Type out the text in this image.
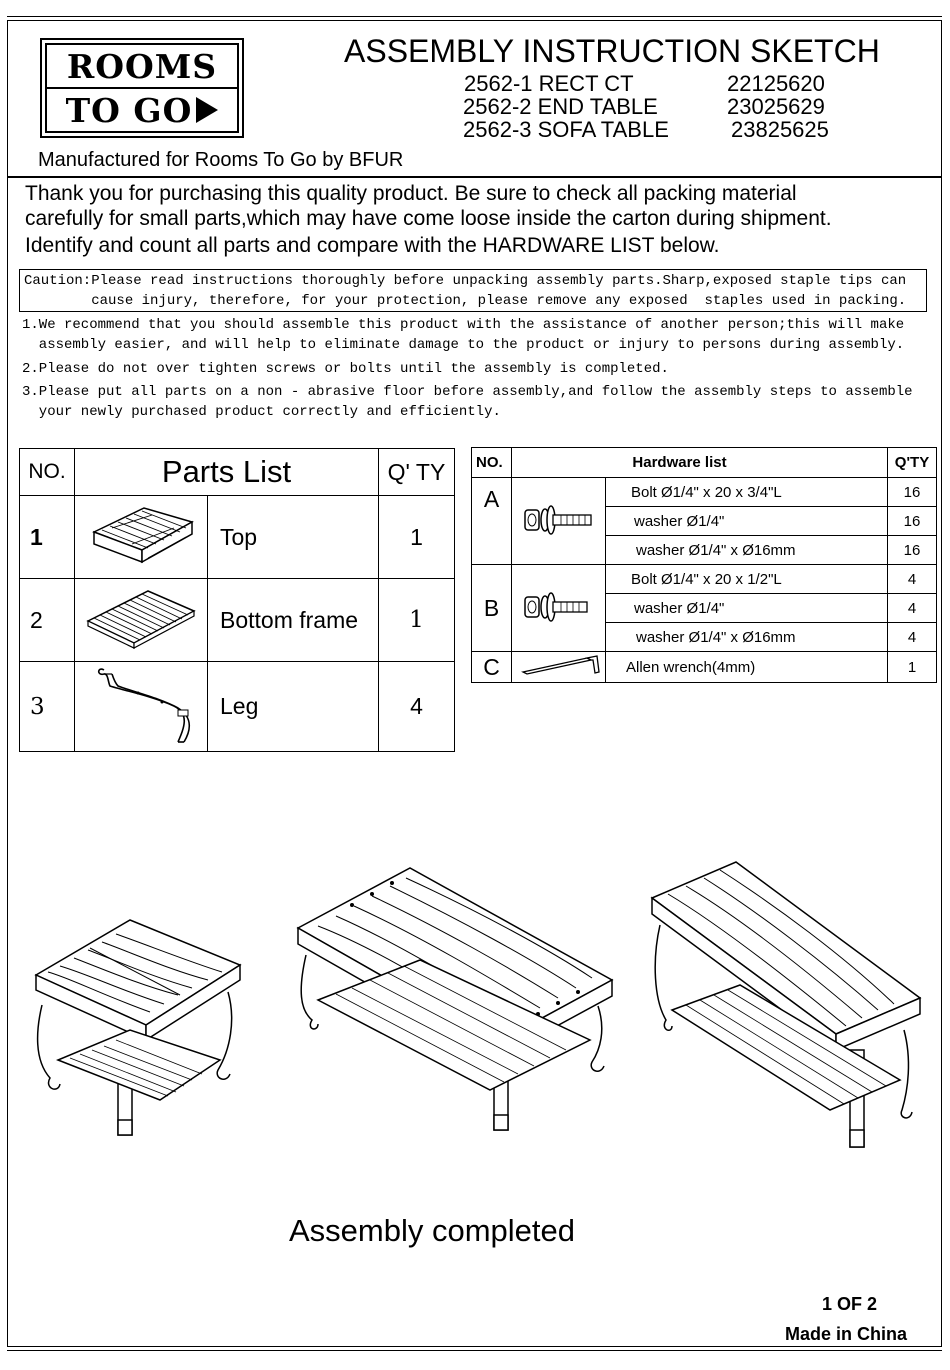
ROOMS
TO GO
ASSEMBLY INSTRUCTION SKETCH
2562-1 RECT CT	22125620
2562-2 END TABLE	23025629
2562-3 SOFA TABLE	23825625
Manufactured for Rooms To Go by BFUR
Thank you for purchasing this quality product. Be sure to check all packing material
carefully for small parts,which may have come loose inside the carton during shipment.
Identify and count all parts and compare with the HARDWARE LIST below.
Caution:Please read instructions thoroughly before unpacking assembly parts.Sharp,exposed staple tips can
cause injury, therefore, for your protection, please remove any exposed  staples used in packing.
1.We recommend that you should assemble this product with the assistance of another person;this will make
assembly easier, and will help to eliminate damage to the product or injury to persons during assembly.
2.Please do not over tighten screws or bolts until the assembly is completed.
3.Please put all parts on a non - abrasive floor before assembly,and follow the assembly steps to assemble
your newly purchased product correctly and efficiently.
NO.	Parts List		Q' TY
1		Top	1
2		Bottom frame	1
3		Leg	4
NO.	Hardware list		Q'TY
A		Bolt Ø1/4" x 20 x 3/4"L	16
		washer Ø1/4"	16
		washer Ø1/4" x Ø16mm	16
B		Bolt Ø1/4" x 20 x 1/2"L	4
		washer Ø1/4"	4
		washer Ø1/4" x Ø16mm	4
C		Allen wrench(4mm)	1
Assembly completed
1 OF 2
Made in China
